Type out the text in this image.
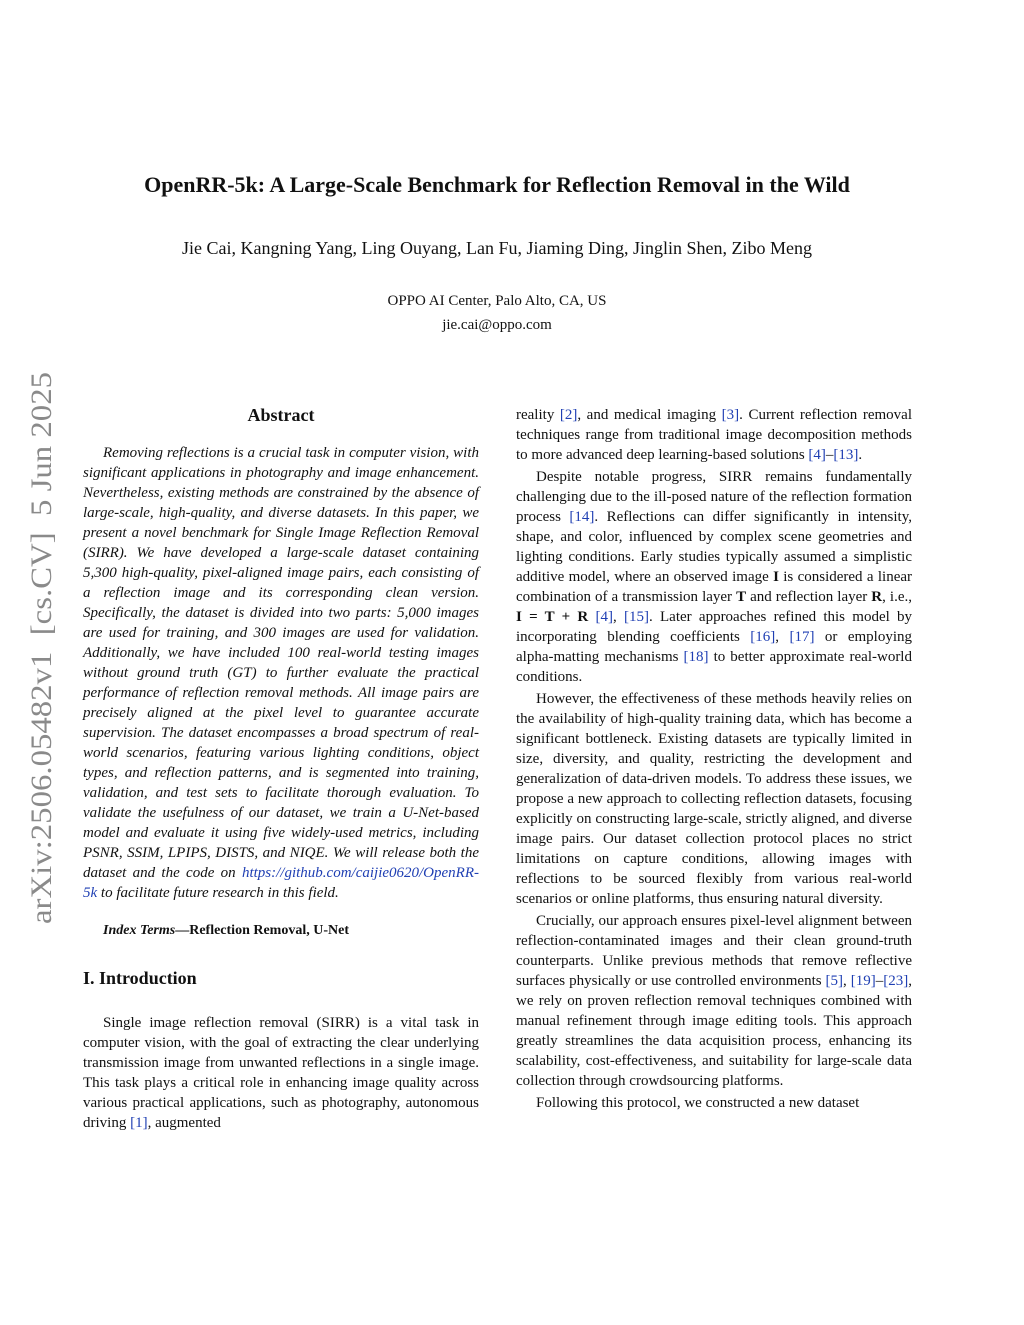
arXiv:2506.05482v1  [cs.CV]  5 Jun 2025
OpenRR-5k: A Large-Scale Benchmark for Reflection Removal in the Wild
Jie Cai, Kangning Yang, Ling Ouyang, Lan Fu, Jiaming Ding, Jinglin Shen, Zibo Meng
OPPO AI Center, Palo Alto, CA, US
jie.cai@oppo.com
Abstract

Removing reflections is a crucial task in computer vision, with significant applications in photography and image enhancement. Nevertheless, existing methods are constrained by the absence of large-scale, high-quality, and diverse datasets. In this paper, we present a novel benchmark for Single Image Reflection Removal (SIRR). We have developed a large-scale dataset containing 5,300 high-quality, pixel-aligned image pairs, each consisting of a reflection image and its corresponding clean version. Specifically, the dataset is divided into two parts: 5,000 images are used for training, and 300 images are used for validation. Additionally, we have included 100 real-world testing images without ground truth (GT) to further evaluate the practical performance of reflection removal methods. All image pairs are precisely aligned at the pixel level to guarantee accurate supervision. The dataset encompasses a broad spectrum of real-world scenarios, featuring various lighting conditions, object types, and reflection patterns, and is segmented into training, validation, and test sets to facilitate thorough evaluation. To validate the usefulness of our dataset, we train a U-Net-based model and evaluate it using five widely-used metrics, including PSNR, SSIM, LPIPS, DISTS, and NIQE. We will release both the dataset and the code on https://github.com/caijie0620/OpenRR-5k to facilitate future research in this field.

Index Terms—Reflection Removal, U-Net

I. Introduction

Single image reflection removal (SIRR) is a vital task in computer vision, with the goal of extracting the clear underlying transmission image from unwanted reflections in a single image. This task plays a critical role in enhancing image quality across various practical applications, such as photography, autonomous driving [1], augmented

reality [2], and medical imaging [3]. Current reflection removal techniques range from traditional image decomposition methods to more advanced deep learning-based solutions [4]–[13].

Despite notable progress, SIRR remains fundamentally challenging due to the ill-posed nature of the reflection formation process [14]. Reflections can differ significantly in intensity, shape, and color, influenced by complex scene geometries and lighting conditions. Early studies typically assumed a simplistic additive model, where an observed image I is considered a linear combination of a transmission layer T and reflection layer R, i.e., I = T + R [4], [15]. Later approaches refined this model by incorporating blending coefficients [16], [17] or employing alpha-matting mechanisms [18] to better approximate real-world conditions.

However, the effectiveness of these methods heavily relies on the availability of high-quality training data, which has become a significant bottleneck. Existing datasets are typically limited in size, diversity, and quality, restricting the development and generalization of data-driven models. To address these issues, we propose a new approach to collecting reflection datasets, focusing explicitly on constructing large-scale, strictly aligned, and diverse image pairs. Our dataset collection protocol places no strict limitations on capture conditions, allowing images with reflections to be sourced flexibly from various real-world scenarios or online platforms, thus ensuring natural diversity.

Crucially, our approach ensures pixel-level alignment between reflection-contaminated images and their clean ground-truth counterparts. Unlike previous methods that remove reflective surfaces physically or use controlled environments [5], [19]–[23], we rely on proven reflection removal techniques combined with manual refinement through image editing tools. This approach greatly streamlines the data acquisition process, enhancing its scalability, cost-effectiveness, and suitability for large-scale data collection through crowdsourcing platforms.

Following this protocol, we constructed a new dataset
